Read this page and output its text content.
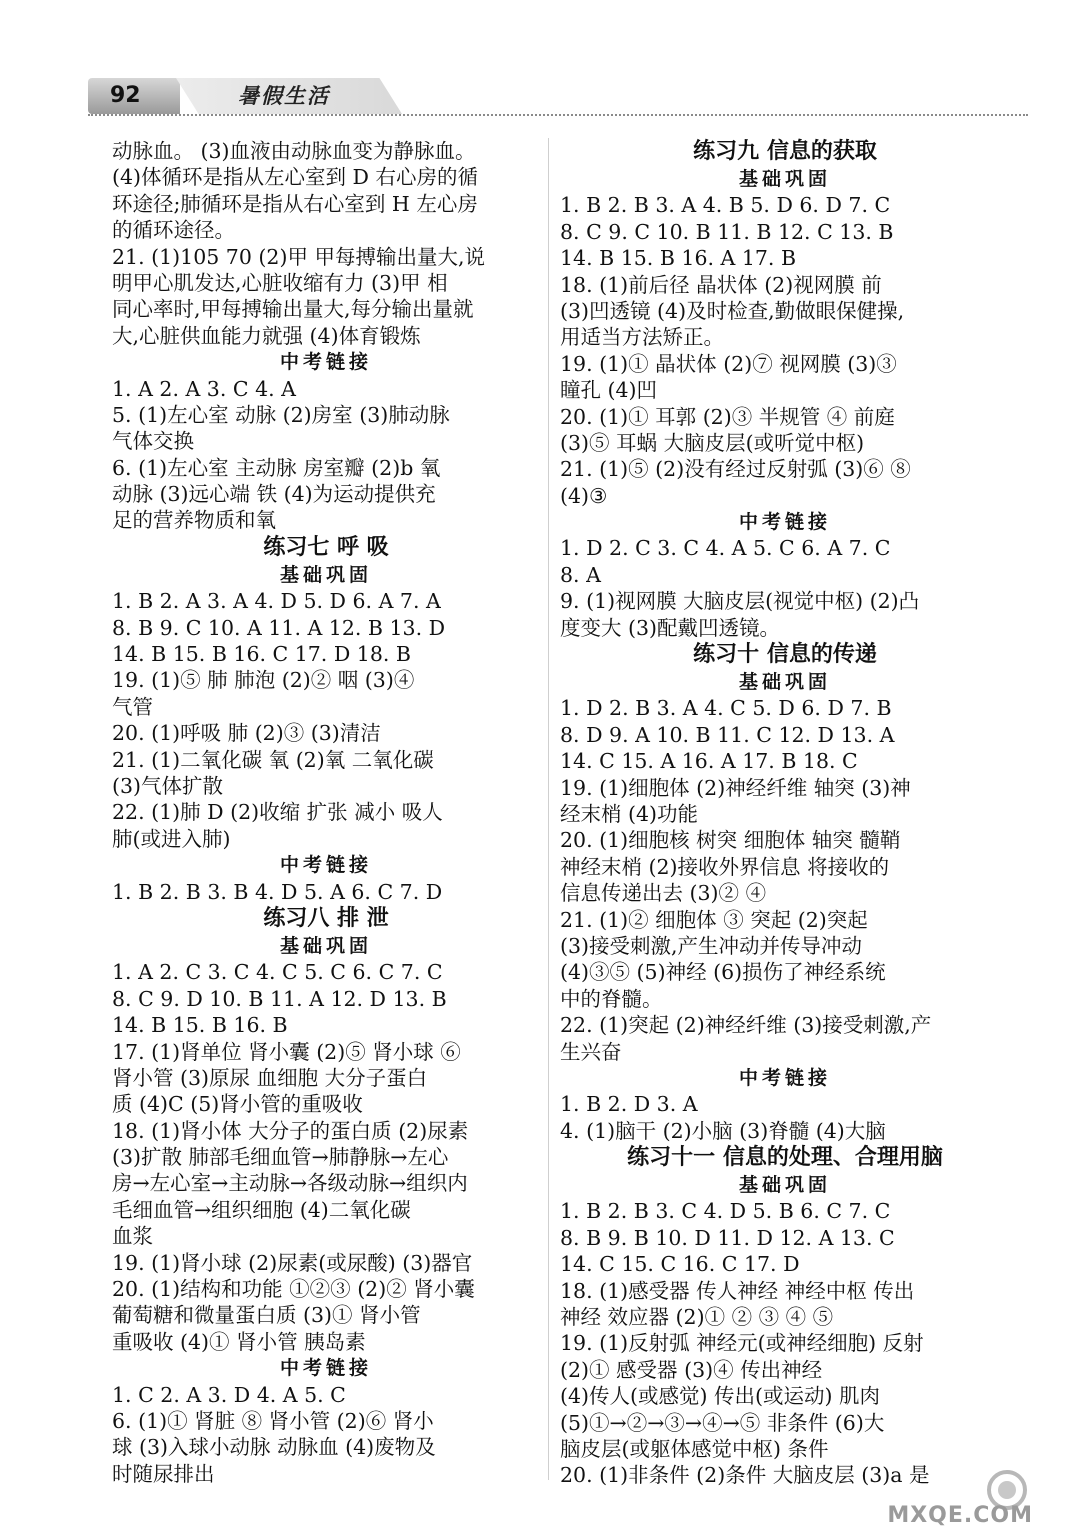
92	暑假生活
动脉血。 (3)血液由动脉血变为静脉血。
(4)体循环是指从左心室到 D 右心房的循
环途径;肺循环是指从右心室到 H 左心房
的循环途径。
21. (1)105 70 (2)甲 甲每搏输出量大,说
明甲心肌发达,心脏收缩有力 (3)甲 相
同心率时,甲每搏输出量大,每分输出量就
大,心脏供血能力就强 (4)体育锻炼
中考链接
1. A 2. A 3. C 4. A
5. (1)左心室 动脉 (2)房室 (3)肺动脉
气体交换
6. (1)左心室 主动脉 房室瓣 (2)b 氧
动脉 (3)远心端 铁 (4)为运动提供充
足的营养物质和氧
练习七 呼 吸
基础巩固
1. B 2. A 3. A 4. D 5. D 6. A 7. A
8. B 9. C 10. A 11. A 12. B 13. D
14. B 15. B 16. C 17. D 18. B
19. (1)⑤ 肺 肺泡 (2)② 咽 (3)④
气管
20. (1)呼吸 肺 (2)③ (3)清洁
21. (1)二氧化碳 氧 (2)氧 二氧化碳
(3)气体扩散
22. (1)肺 D (2)收缩 扩张 减小 吸人
肺(或进入肺)
中考链接
1. B 2. B 3. B 4. D 5. A 6. C 7. D
练习八 排 泄
基础巩固
1. A 2. C 3. C 4. C 5. C 6. C 7. C
8. C 9. D 10. B 11. A 12. D 13. B
14. B 15. B 16. B
17. (1)肾单位 肾小囊 (2)⑤ 肾小球 ⑥
肾小管 (3)原尿 血细胞 大分子蛋白
质 (4)C (5)肾小管的重吸收
18. (1)肾小体 大分子的蛋白质 (2)尿素
(3)扩散 肺部毛细血管→肺静脉→左心
房→左心室→主动脉→各级动脉→组织内
毛细血管→组织细胞 (4)二氧化碳
血浆
19. (1)肾小球 (2)尿素(或尿酸) (3)器官
20. (1)结构和功能 ①②③ (2)② 肾小囊
葡萄糖和微量蛋白质 (3)① 肾小管
重吸收 (4)① 肾小管 胰岛素
中考链接
1. C 2. A 3. D 4. A 5. C
6. (1)① 肾脏 ⑧ 肾小管 (2)⑥ 肾小
球 (3)入球小动脉 动脉血 (4)废物及
时随尿排出
练习九 信息的获取
基础巩固
1. B 2. B 3. A 4. B 5. D 6. D 7. C
8. C 9. C 10. B 11. B 12. C 13. B
14. B 15. B 16. A 17. B
18. (1)前后径 晶状体 (2)视网膜 前
(3)凹透镜 (4)及时检查,勤做眼保健操,
用适当方法矫正。
19. (1)① 晶状体 (2)⑦ 视网膜 (3)③
瞳孔 (4)凹
20. (1)① 耳郭 (2)③ 半规管 ④ 前庭
(3)⑤ 耳蜗 大脑皮层(或听觉中枢)
21. (1)⑤ (2)没有经过反射弧 (3)⑥ ⑧
(4)③
中考链接
1. D 2. C 3. C 4. A 5. C 6. A 7. C
8. A
9. (1)视网膜 大脑皮层(视觉中枢) (2)凸
度变大 (3)配戴凹透镜。
练习十 信息的传递
基础巩固
1. D 2. B 3. A 4. C 5. D 6. D 7. B
8. D 9. A 10. B 11. C 12. D 13. A
14. C 15. A 16. A 17. B 18. C
19. (1)细胞体 (2)神经纤维 轴突 (3)神
经末梢 (4)功能
20. (1)细胞核 树突 细胞体 轴突 髓鞘
神经末梢 (2)接收外界信息 将接收的
信息传递出去 (3)② ④
21. (1)② 细胞体 ③ 突起 (2)突起
(3)接受刺激,产生冲动并传导冲动
(4)③⑤ (5)神经 (6)损伤了神经系统
中的脊髓。
22. (1)突起 (2)神经纤维 (3)接受刺激,产
生兴奋
中考链接
1. B 2. D 3. A
4. (1)脑干 (2)小脑 (3)脊髓 (4)大脑
练习十一 信息的处理、合理用脑
基础巩固
1. B 2. B 3. C 4. D 5. B 6. C 7. C
8. B 9. B 10. D 11. D 12. A 13. C
14. C 15. C 16. C 17. D
18. (1)感受器 传人神经 神经中枢 传出
神经 效应器 (2)① ② ③ ④ ⑤
19. (1)反射弧 神经元(或神经细胞) 反射
(2)① 感受器 (3)④ 传出神经
(4)传人(或感觉) 传出(或运动) 肌肉
(5)①→②→③→④→⑤ 非条件 (6)大
脑皮层(或躯体感觉中枢) 条件
20. (1)非条件 (2)条件 大脑皮层 (3)a 是
MXQE.COM
